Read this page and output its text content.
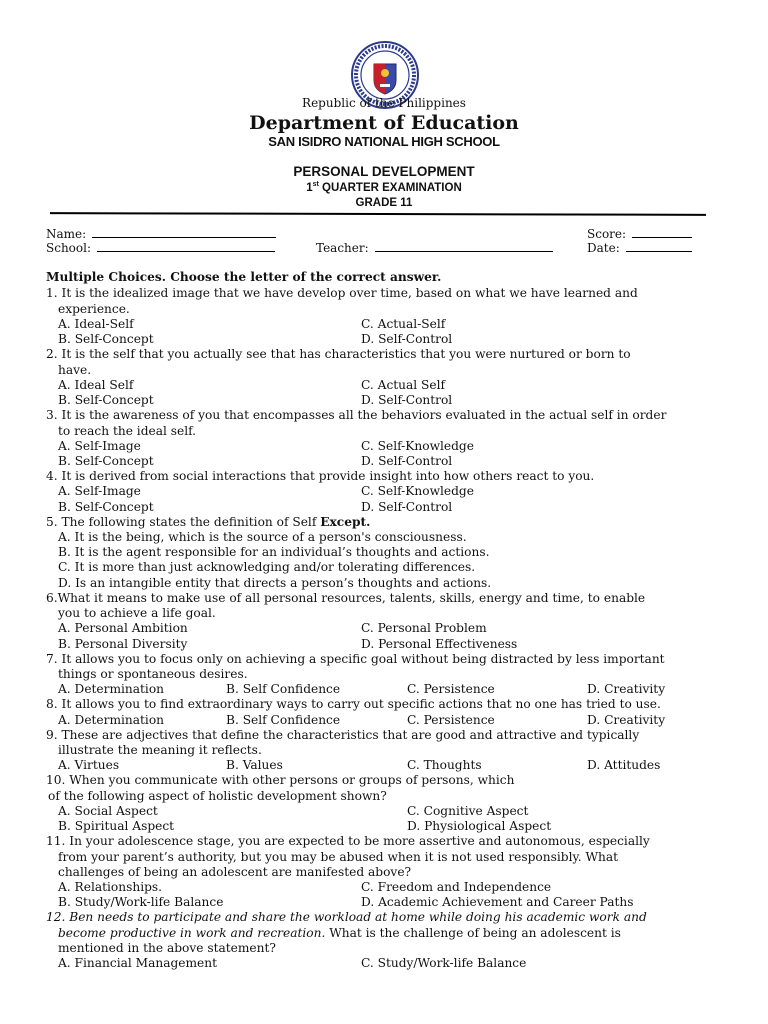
Republic of the Philippines
Department of Education
SAN ISIDRO NATIONAL HIGH SCHOOL
PERSONAL DEVELOPMENT
1st QUARTER EXAMINATION
GRADE 11
Name:	Score:
School:	Teacher:	Date:
Multiple Choices. Choose the letter of the correct answer.
1. It is the idealized image that we have develop over time, based on what we have learned and
experience.
A. Ideal-Self	C. Actual-Self
B. Self-Concept	D. Self-Control
2. It is the self that you actually see that has characteristics that you were nurtured or born to
have.
A. Ideal Self	C. Actual Self
B. Self-Concept	D. Self-Control
3. It is the awareness of you that encompasses all the behaviors evaluated in the actual self in order
to reach the ideal self.
A. Self-Image	C. Self-Knowledge
B. Self-Concept	D. Self-Control
4. It is derived from social interactions that provide insight into how others react to you.
A. Self-Image	C. Self-Knowledge
B. Self-Concept	D. Self-Control
5. The following states the definition of Self Except.
A. It is the being, which is the source of a person's consciousness.
B. It is the agent responsible for an individual’s thoughts and actions.
C. It is more than just acknowledging and/or tolerating differences.
D. Is an intangible entity that directs a person’s thoughts and actions.
6.What it means to make use of all personal resources, talents, skills, energy and time, to enable
you to achieve a life goal.
A. Personal Ambition	C. Personal Problem
B. Personal Diversity	D. Personal Effectiveness
7. It allows you to focus only on achieving a specific goal without being distracted by less important
things or spontaneous desires.
A. Determination	B. Self Confidence	C. Persistence	D. Creativity
8. It allows you to find extraordinary ways to carry out specific actions that no one has tried to use.
A. Determination	B. Self Confidence	C. Persistence	D. Creativity
9. These are adjectives that define the characteristics that are good and attractive and typically
illustrate the meaning it reflects.
A. Virtues	B. Values	C. Thoughts	D. Attitudes
10. When you communicate with other persons or groups of persons, which
of the following aspect of holistic development shown?
A. Social Aspect	C. Cognitive Aspect
B. Spiritual Aspect	D. Physiological Aspect
11. In your adolescence stage, you are expected to be more assertive and autonomous, especially
from your parent’s authority, but you may be abused when it is not used responsibly. What
challenges of being an adolescent are manifested above?
A. Relationships.	C. Freedom and Independence
B. Study/Work-life Balance	D. Academic Achievement and Career Paths
12. Ben needs to participate and share the workload at home while doing his academic work and
become productive in work and recreation. What is the challenge of being an adolescent is
mentioned in the above statement?
A. Financial Management	C. Study/Work-life Balance
